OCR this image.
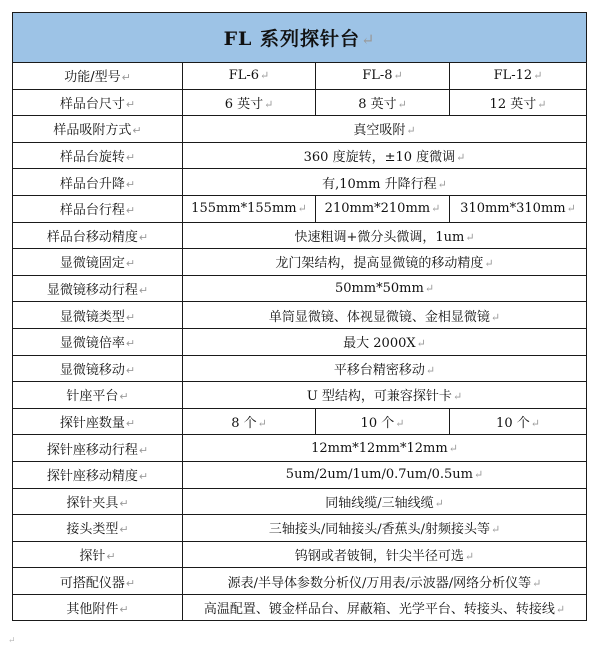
FL 系列探针台↵			
功能/型号↵	FL-6↵	FL-8↵	FL-12↵
样品台尺寸↵	6 英寸↵	8 英寸↵	12 英寸↵
样品吸附方式↵	真空吸附↵		
样品台旋转↵	360 度旋转，±10 度微调↵		
样品台升降↵	有,10mm 升降行程↵		
样品台行程↵	155mm*155mm↵	210mm*210mm↵	310mm*310mm↵
样品台移动精度↵	快速粗调+微分头微调，1um↵		
显微镜固定↵	龙门架结构，提高显微镜的移动精度↵		
显微镜移动行程↵	50mm*50mm↵		
显微镜类型↵	单筒显微镜、体视显微镜、金相显微镜↵		
显微镜倍率↵	最大 2000X↵		
显微镜移动↵	平移台精密移动↵		
针座平台↵	U 型结构，可兼容探针卡↵		
探针座数量↵	8 个↵	10 个↵	10 个↵
探针座移动行程↵	12mm*12mm*12mm↵		
探针座移动精度↵	5um/2um/1um/0.7um/0.5um↵		
探针夹具↵	同轴线缆/三轴线缆↵		
接头类型↵	三轴接头/同轴接头/香蕉头/射频接头等↵		
探针↵	钨钢或者铍铜，针尖半径可选↵		
可搭配仪器↵	源表/半导体参数分析仪/万用表/示波器/网络分析仪等↵		
其他附件↵	高温配置、镀金样品台、屏蔽箱、光学平台、转接头、转接线↵		
↵
